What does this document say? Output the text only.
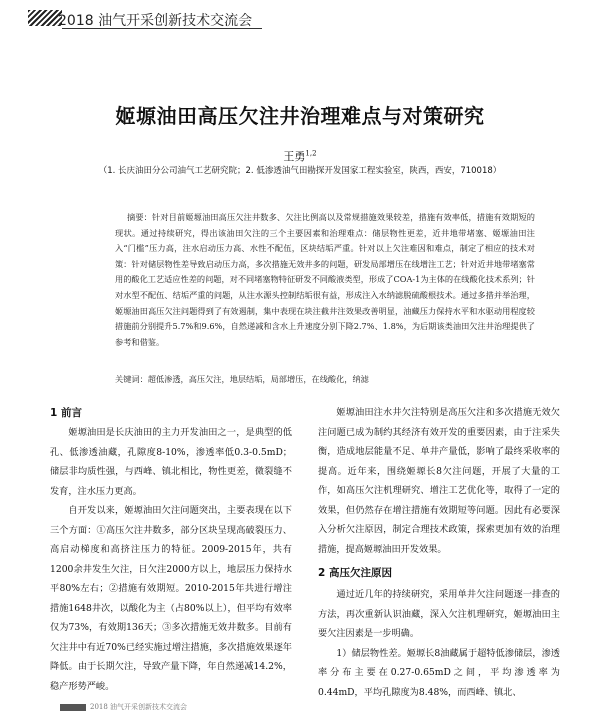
2018 油气开采创新技术交流会
姬塬油田高压欠注井治理难点与对策研究
王勇$^{1,2}$
（1. 长庆油田分公司油气工艺研究院；2. 低渗透油气田勘探开发国家工程实验室，陕西，西安，710018）
摘要：针对目前姬塬油田高压欠注井数多、欠注比例高以及常规措施效果较差，措施有效率低，措施有效期短的现状。通过持续研究，得出该油田欠注的三个主要因素和治理难点：储层物性更差，近井地带堵塞、姬塬油田注入“门槛”压力高，注水启动压力高、水性不配伍，区块结垢严重。针对以上欠注难因和难点，制定了相应的技术对策：针对储层物性差导致启动压力高，多次措施无效井多的问题，研发局部增压在线增注工艺；针对近井地带堵塞常用的酸化工艺适应性差的问题，对不同堵塞物特征研发不同酸液类型，形成了COA-1为主体的在线酸化技术系列；针对水型不配伍、结垢严重的问题，从注水源头控制结垢很有益，形成注入水纳滤脱硫酸根技术。通过多措并举治理，姬塬油田高压欠注问题得到了有效遏制，集中表现在块注截井注效果改善明显，油藏压力保持水平和水驱动用程度较措施前分别提升5.7%和9.6%，自然递减和含水上升速度分别下降2.7%、1.8%，为后期该类油田欠注井治理提供了参考和借鉴。
关键词：超低渗透，高压欠注，地层结垢，局部增压，在线酸化，纳滤
1 前言

姬塬油田是长庆油田的主力开发油田之一，是典型的低孔、低渗透油藏，孔隙度8-10%，渗透率低0.3-0.5mD；储层非均质性强，与西峰、镇北相比，物性更差，微裂缝不发育，注水压力更高。

自开发以来，姬塬油田欠注问题突出，主要表现在以下三个方面：①高压欠注井数多，部分区块呈现高破裂压力、高启动梯度和高挤注压力的特征。2009-2015年，共有1200余井发生欠注，日欠注2000方以上，地层压力保持水平80%左右；②措施有效期短。2010-2015年共进行增注措施1648井次，以酸化为主（占80%以上），但平均有效率仅为73%，有效期136天；③多次措施无效井数多。目前有欠注井中有近70%已经实施过增注措施，多次措施效果逐年降低。由于长期欠注，导致产量下降，年自然递减14.2%，稳产形势严峻。

姬塬油田注水井欠注特别是高压欠注和多次措施无效欠注问题已成为制约其经济有效开发的重要因素，由于注采失衡，造成地层能量不足、单井产量低，影响了最终采收率的提高。近年来，围绕姬塬长8欠注问题，开展了大量的工作，如高压欠注机理研究、增注工艺优化等，取得了一定的效果，但仍然存在增注措施有效期短等问题。因此有必要深入分析欠注原因，制定合理技术政策，探索更加有效的治理措施，提高姬塬油田开发效果。

2 高压欠注原因

通过近几年的持续研究，采用单井欠注问题逐一排查的方法，再次重新认识油藏，深入欠注机理研究，姬塬油田主要欠注因素是一步明确。

1）储层物性差。姬塬长8油藏属于超特低渗储层，渗透率分布主要在0.27-0.65mD之间，平均渗透率为0.44mD，平均孔隙度为8.48%，而西峰、镇北、

2018 油气开采创新技术交流会
